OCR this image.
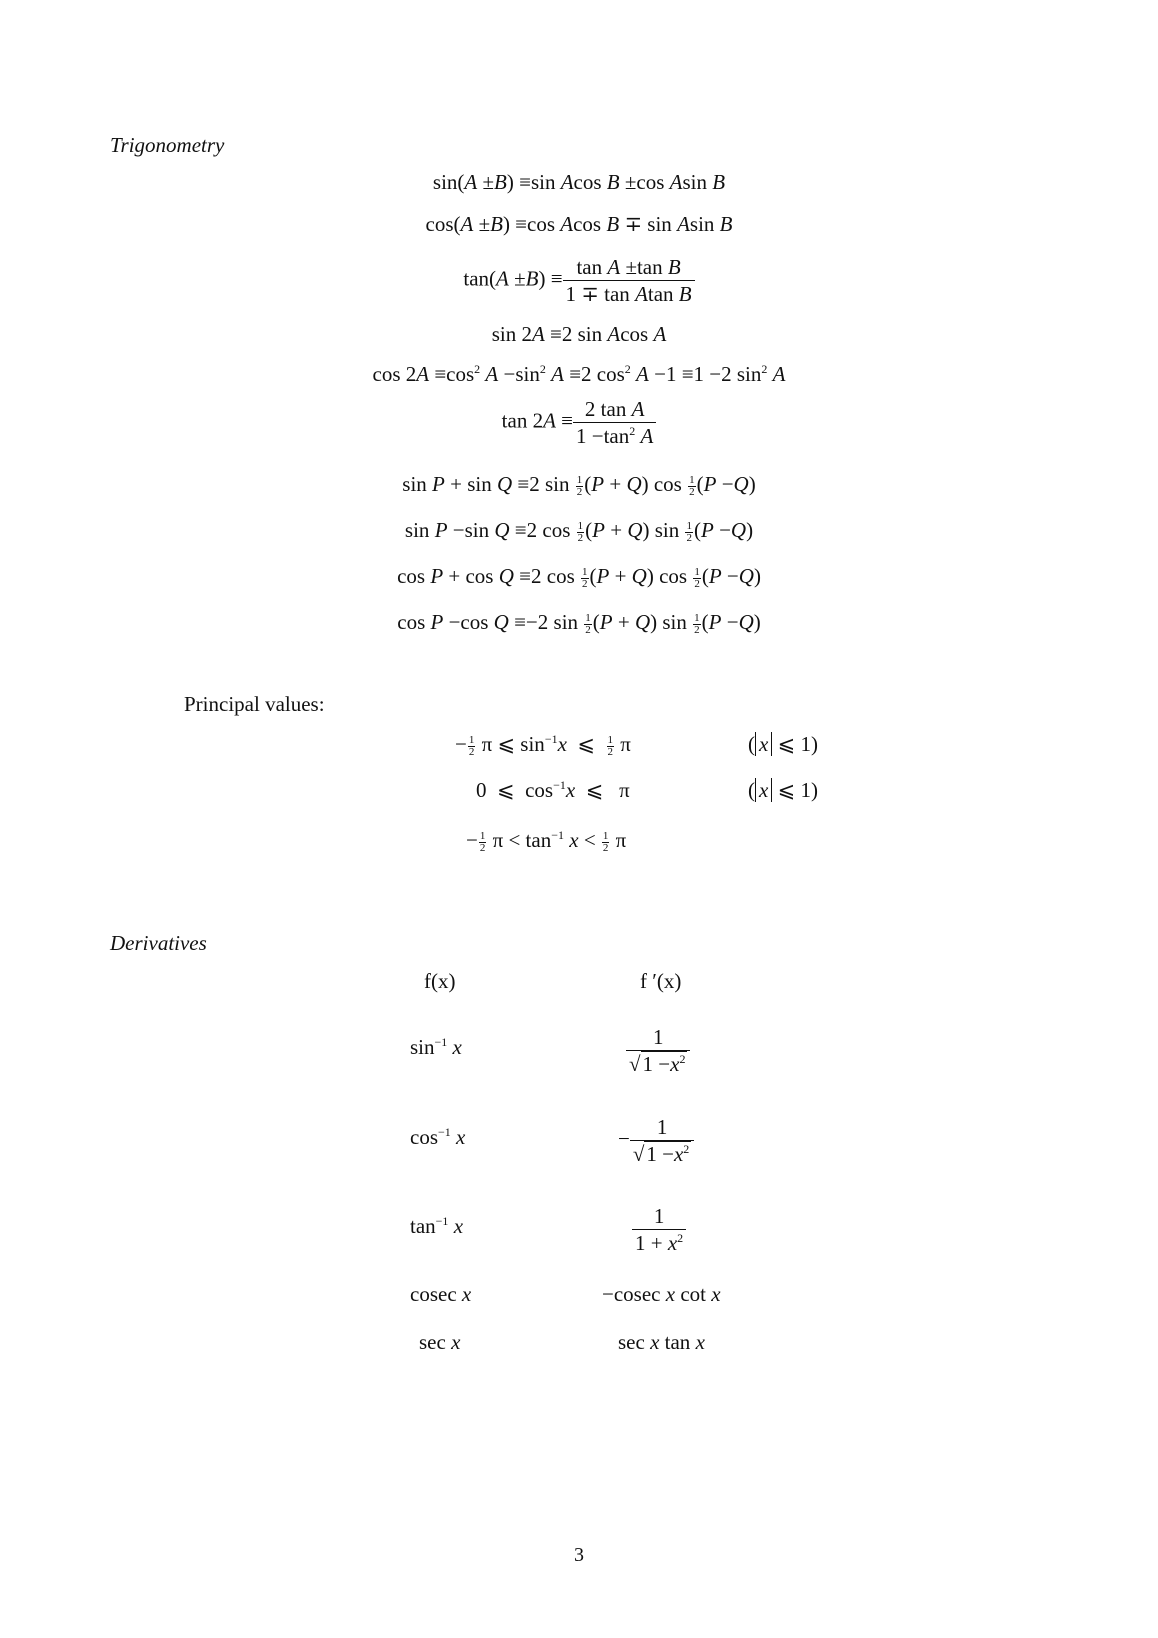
Trigonometry
sin(A ±B) ≡sin Acos B ±cos Asin B
cos(A ±B) ≡cos Acos B ∓ sin Asin B
$\tan(A \pm B) \equiv \frac{\text{tan A ±tan B}}{\text{1 ∓ tan Atan B}}$
sin 2A ≡2 sin Acos A
$\cos 2A \equiv\cos^2$ $A -\sin^2$ A ≡2 $\cos^2 A -1 \equiv 1 -2$ $\sin^2 A$
$\tan 2A \equiv \frac{\text{2 tan A}}{1 -\tan^2 A}$
sin P + sin Q ≡2 $\sin \frac{1}{2} (P + Q)$ $\cos \frac{1}{2} (P -Q)$
sin P −sin Q ≡2 $\cos \frac{1}{2} (P + Q)$ $\sin \frac{1}{2} (P -Q)$
cos P + cos Q ≡2 $\cos \frac{1}{2} (P + Q)$ $\cos \frac{1}{2} (P -Q)$
cos P −cos Q ≡−2 $\sin \frac{1}{2} (P + Q)$ $\sin \frac{1}{2} (P -Q)$
Principal values:
− $\frac{1}{2}$ π ⩽ $\sin^{-1}x$  ⩽ $\frac{1}{2}$ π	( x ⩽ 1)
0  ⩽  $\cos^{-1}x$  ⩽   π	( x ⩽ 1)
− $\frac{1}{2}$ $\pi < \tan^{-1} x < \frac{1}{2}$ π
Derivatives
f(x)	f ′(x)
$\sin^{-1} x$	$\frac{1}{√1 -x^2}$
$\cos^{-1} x$	− $\frac{1}{√1 -x^2}$
$\tan^{-1} x$	$\frac{1}{1 + x^2}$
cosec x	−cosec x cot x
sec x	sec x tan x
3
